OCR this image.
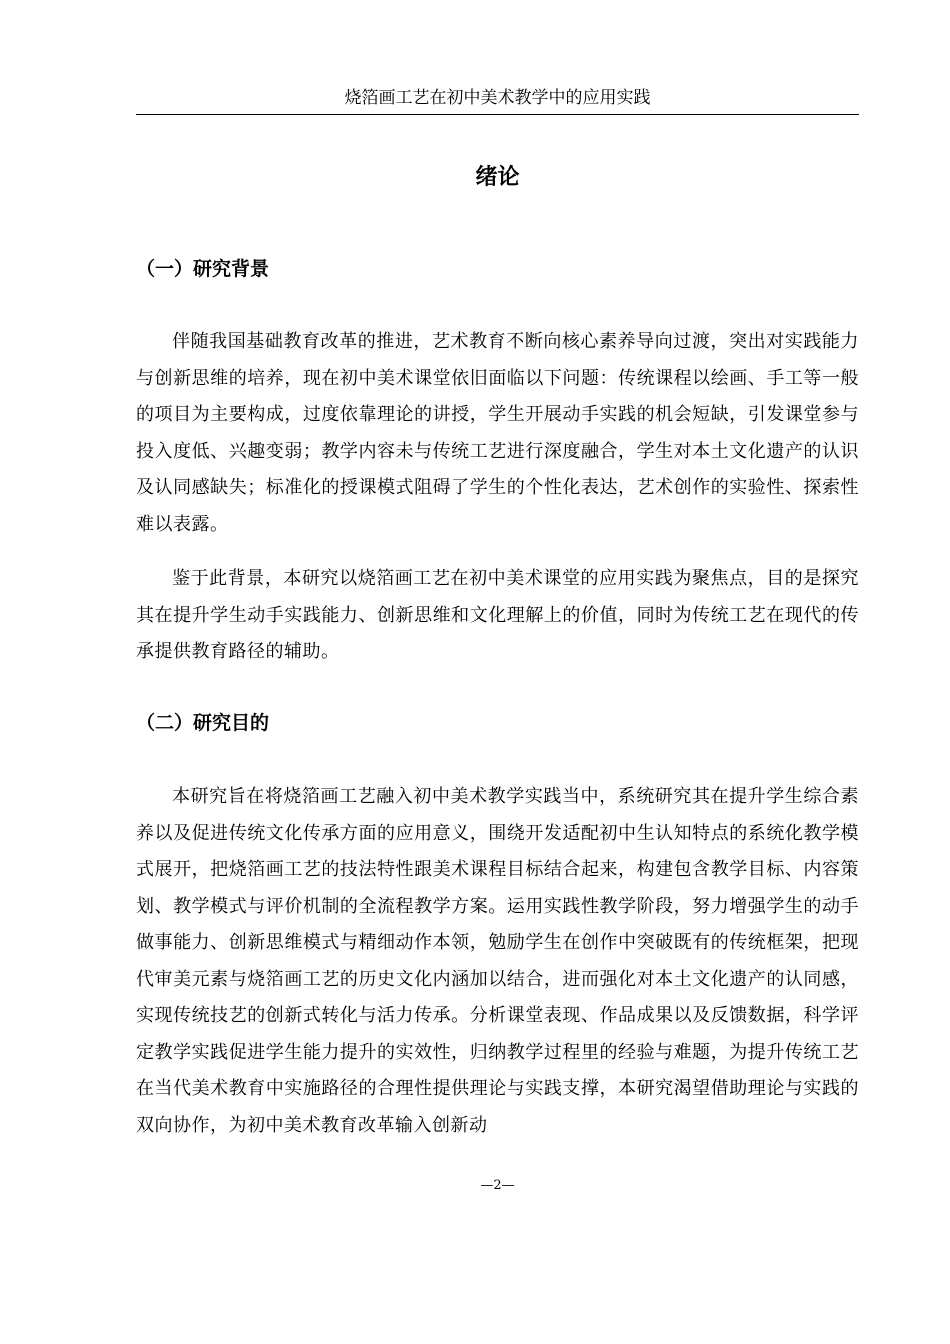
烧箔画工艺在初中美术教学中的应用实践
绪论
（一）研究背景

伴随我国基础教育改革的推进，艺术教育不断向核心素养导向过渡，突出对实践能力与创新思维的培养，现在初中美术课堂依旧面临以下问题：传统课程以绘画、手工等一般的项目为主要构成，过度依靠理论的讲授，学生开展动手实践的机会短缺，引发课堂参与投入度低、兴趣变弱；教学内容未与传统工艺进行深度融合，学生对本土文化遗产的认识及认同感缺失；标准化的授课模式阻碍了学生的个性化表达，艺术创作的实验性、探索性难以表露。

鉴于此背景，本研究以烧箔画工艺在初中美术课堂的应用实践为聚焦点，目的是探究其在提升学生动手实践能力、创新思维和文化理解上的价值，同时为传统工艺在现代的传承提供教育路径的辅助。

（二）研究目的

本研究旨在将烧箔画工艺融入初中美术教学实践当中，系统研究其在提升学生综合素养以及促进传统文化传承方面的应用意义，围绕开发适配初中生认知特点的系统化教学模式展开，把烧箔画工艺的技法特性跟美术课程目标结合起来，构建包含教学目标、内容策划、教学模式与评价机制的全流程教学方案。运用实践性教学阶段，努力增强学生的动手做事能力、创新思维模式与精细动作本领，勉励学生在创作中突破既有的传统框架，把现代审美元素与烧箔画工艺的历史文化内涵加以结合，进而强化对本土文化遗产的认同感，实现传统技艺的创新式转化与活力传承。分析课堂表现、作品成果以及反馈数据，科学评定教学实践促进学生能力提升的实效性，归纳教学过程里的经验与难题，为提升传统工艺在当代美术教育中实施路径的合理性提供理论与实践支撑，本研究渴望借助理论与实践的双向协作，为初中美术教育改革输入创新动

—2—
